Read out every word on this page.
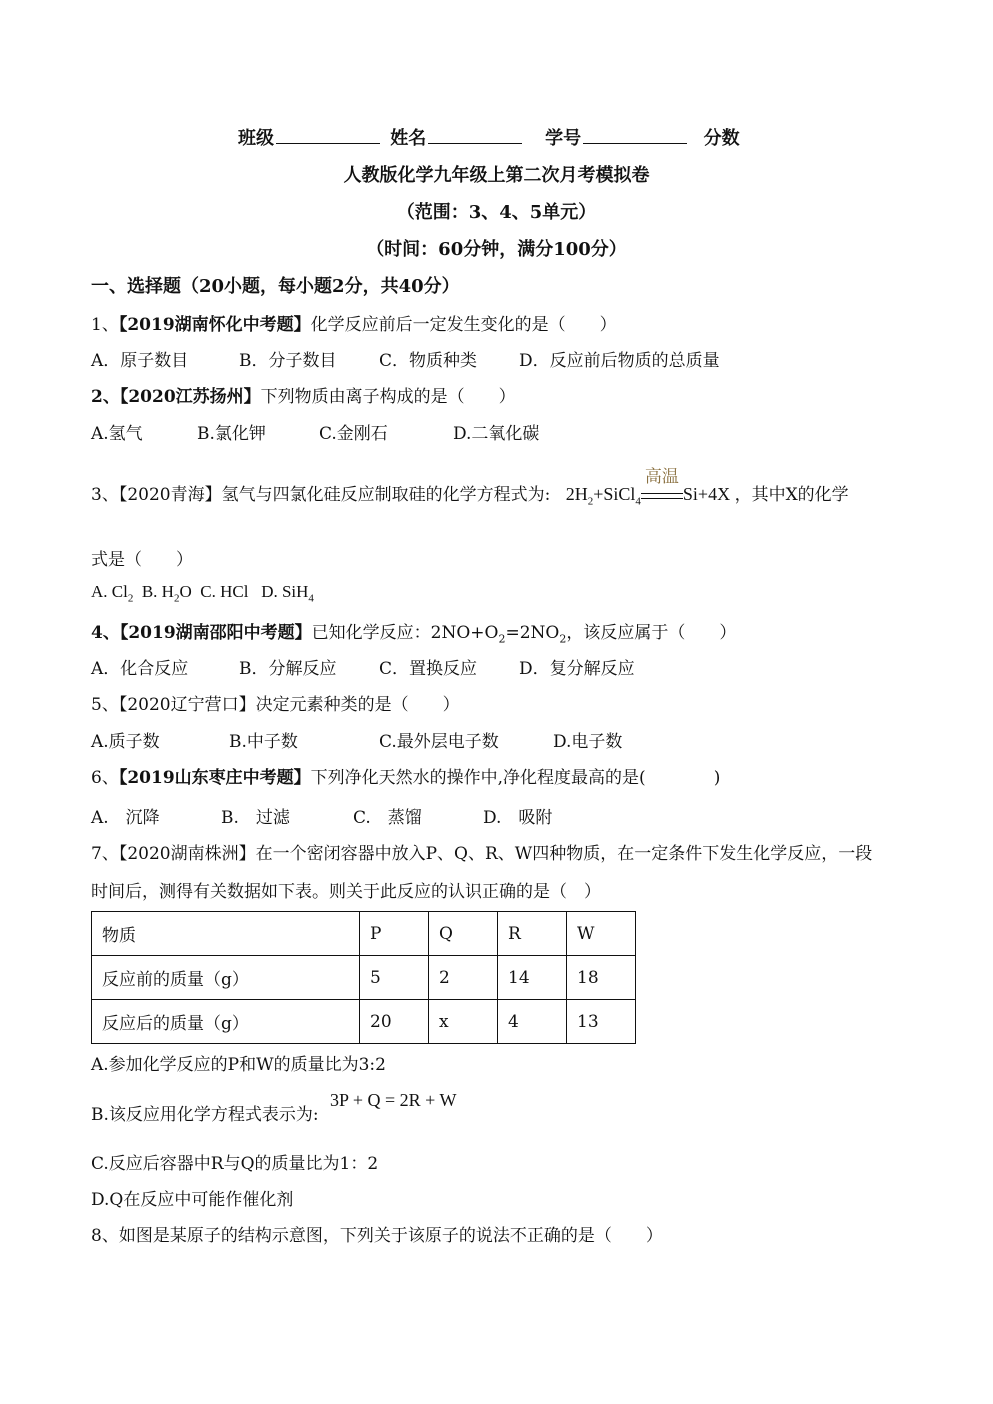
班级	姓名	学号	分数
人教版化学九年级上第二次月考模拟卷
（范围：3、4、5单元）
（时间：60分钟，满分100分）
一、选择题（20小题，每小题2分，共40分）
1、【2019湖南怀化中考题】化学反应前后一定发生变化的是（　　）
A．原子数目	B．分子数目	C．物质种类 D．反应前后物质的总质量
2、【2020江苏扬州】下列物质由离子构成的是（　　）
A.氢气	B.氯化钾	C.金刚石	D.二氧化碳
3、【2020青海】氢气与四氯化硅反应制取硅的化学方程式为: $2H_2+SiCl_4$
高温
Si+4X ，其中X的化学
式是（　　）
A. $Cl_2$ B. $H_2O$ C. HCl D. SiH$_4$
4、【2019湖南邵阳中考题】已知化学反应：$2NO+O_2=2NO_2$，该反应属于（　　）
A．化合反应	B．分解反应	C．置换反应 D．复分解反应
5、【2020辽宁营口】决定元素种类的是（　　）
A.质子数	B.中子数	C.最外层电子数	D.电子数
6、【2019山东枣庄中考题】下列净化天然水的操作中,净化程度最高的是(　　　　)
A.　沉降	B.　过滤	C.　蒸馏	D.　吸附
7、【2020湖南株洲】在一个密闭容器中放入P、Q、R、W四种物质，在一定条件下发生化学反应，一段
时间后，测得有关数据如下表。则关于此反应的认识正确的是（　）
物质	P	Q	R	W
反应前的质量（g）	5	2	14	18
反应后的质量（g）	20	x	4	13
A.参加化学反应的P和W的质量比为3:2
B.该反应用化学方程式表示为: 3P + Q = 2R + W
C.反应后容器中R与Q的质量比为1：2
D.Q在反应中可能作催化剂
8、如图是某原子的结构示意图，下列关于该原子的说法不正确的是（　　）
